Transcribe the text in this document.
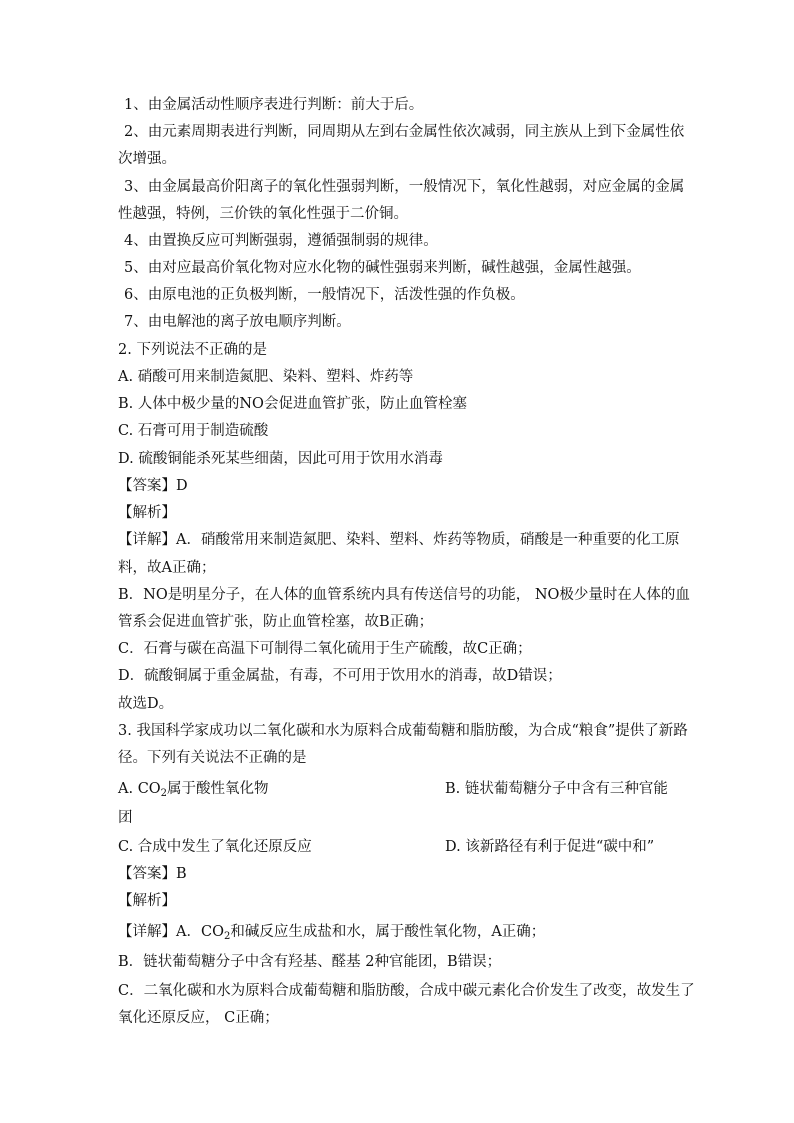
1、由金属活动性顺序表进行判断：前大于后。
2、由元素周期表进行判断，同周期从左到右金属性依次减弱，同主族从上到下金属性依
次增强。
3、由金属最高价阳离子的氧化性强弱判断，一般情况下，氧化性越弱，对应金属的金属
性越强，特例，三价铁的氧化性强于二价铜。
4、由置换反应可判断强弱，遵循强制弱的规律。
5、由对应最高价氧化物对应水化物的碱性强弱来判断，碱性越强，金属性越强。
6、由原电池的正负极判断，一般情况下，活泼性强的作负极。
7、由电解池的离子放电顺序判断。
2. 下列说法不正确的是
A. 硝酸可用来制造氮肥、染料、塑料、炸药等
B. 人体中极少量的NO会促进血管扩张，防止血管栓塞
C. 石膏可用于制造硫酸
D. 硫酸铜能杀死某些细菌，因此可用于饮用水消毒
【答案】D
【解析】
【详解】A．硝酸常用来制造氮肥、染料、塑料、炸药等物质，硝酸是一种重要的化工原
料，故A正确；
B．NO是明星分子，在人体的血管系统内具有传送信号的功能， NO极少量时在人体的血
管系会促进血管扩张，防止血管栓塞，故B正确；
C．石膏与碳在高温下可制得二氧化硫用于生产硫酸，故C正确；
D．硫酸铜属于重金属盐，有毒，不可用于饮用水的消毒，故D错误；
故选D。
3. 我国科学家成功以二氧化碳和水为原料合成葡萄糖和脂肪酸，为合成“粮食”提供了新路
径。下列有关说法不正确的是
A. $CO_2$属于酸性氧化物	B. 链状葡萄糖分子中含有三种官能
团
C. 合成中发生了氧化还原反应	D. 该新路径有利于促进“碳中和”
【答案】B
【解析】
【详解】A．$CO_2$和碱反应生成盐和水，属于酸性氧化物，A正确；
B．链状葡萄糖分子中含有羟基、醛基 2种官能团，B错误；
C．二氧化碳和水为原料合成葡萄糖和脂肪酸，合成中碳元素化合价发生了改变，故发生了
氧化还原反应， C正确；
